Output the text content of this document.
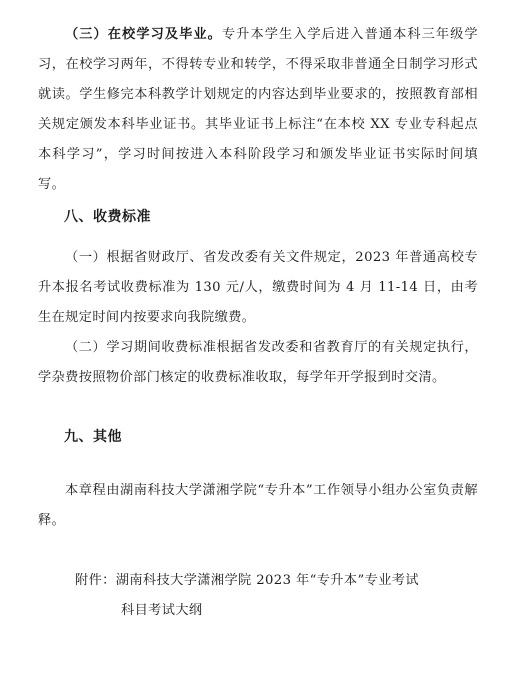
（三）在校学习及毕业。专升本学生入学后进入普通本科三年级学习，在校学习两年，不得转专业和转学，不得采取非普通全日制学习形式就读。学生修完本科教学计划规定的内容达到毕业要求的，按照教育部相关规定颁发本科毕业证书。其毕业证书上标注“在本校 XX 专业专科起点本科学习”，学习时间按进入本科阶段学习和颁发毕业证书实际时间填写。

八、收费标准

（一）根据省财政厅、省发改委有关文件规定，2023 年普通高校专升本报名考试收费标准为 130 元/人，缴费时间为 4 月 11-14 日，由考生在规定时间内按要求向我院缴费。

（二）学习期间收费标准根据省发改委和省教育厅的有关规定执行，学杂费按照物价部门核定的收费标准收取，每学年开学报到时交清。

九、其他

本章程由湖南科技大学潇湘学院“专升本”工作领导小组办公室负责解释。

附件：湖南科技大学潇湘学院 2023 年“专升本”专业考试

科目考试大纲
